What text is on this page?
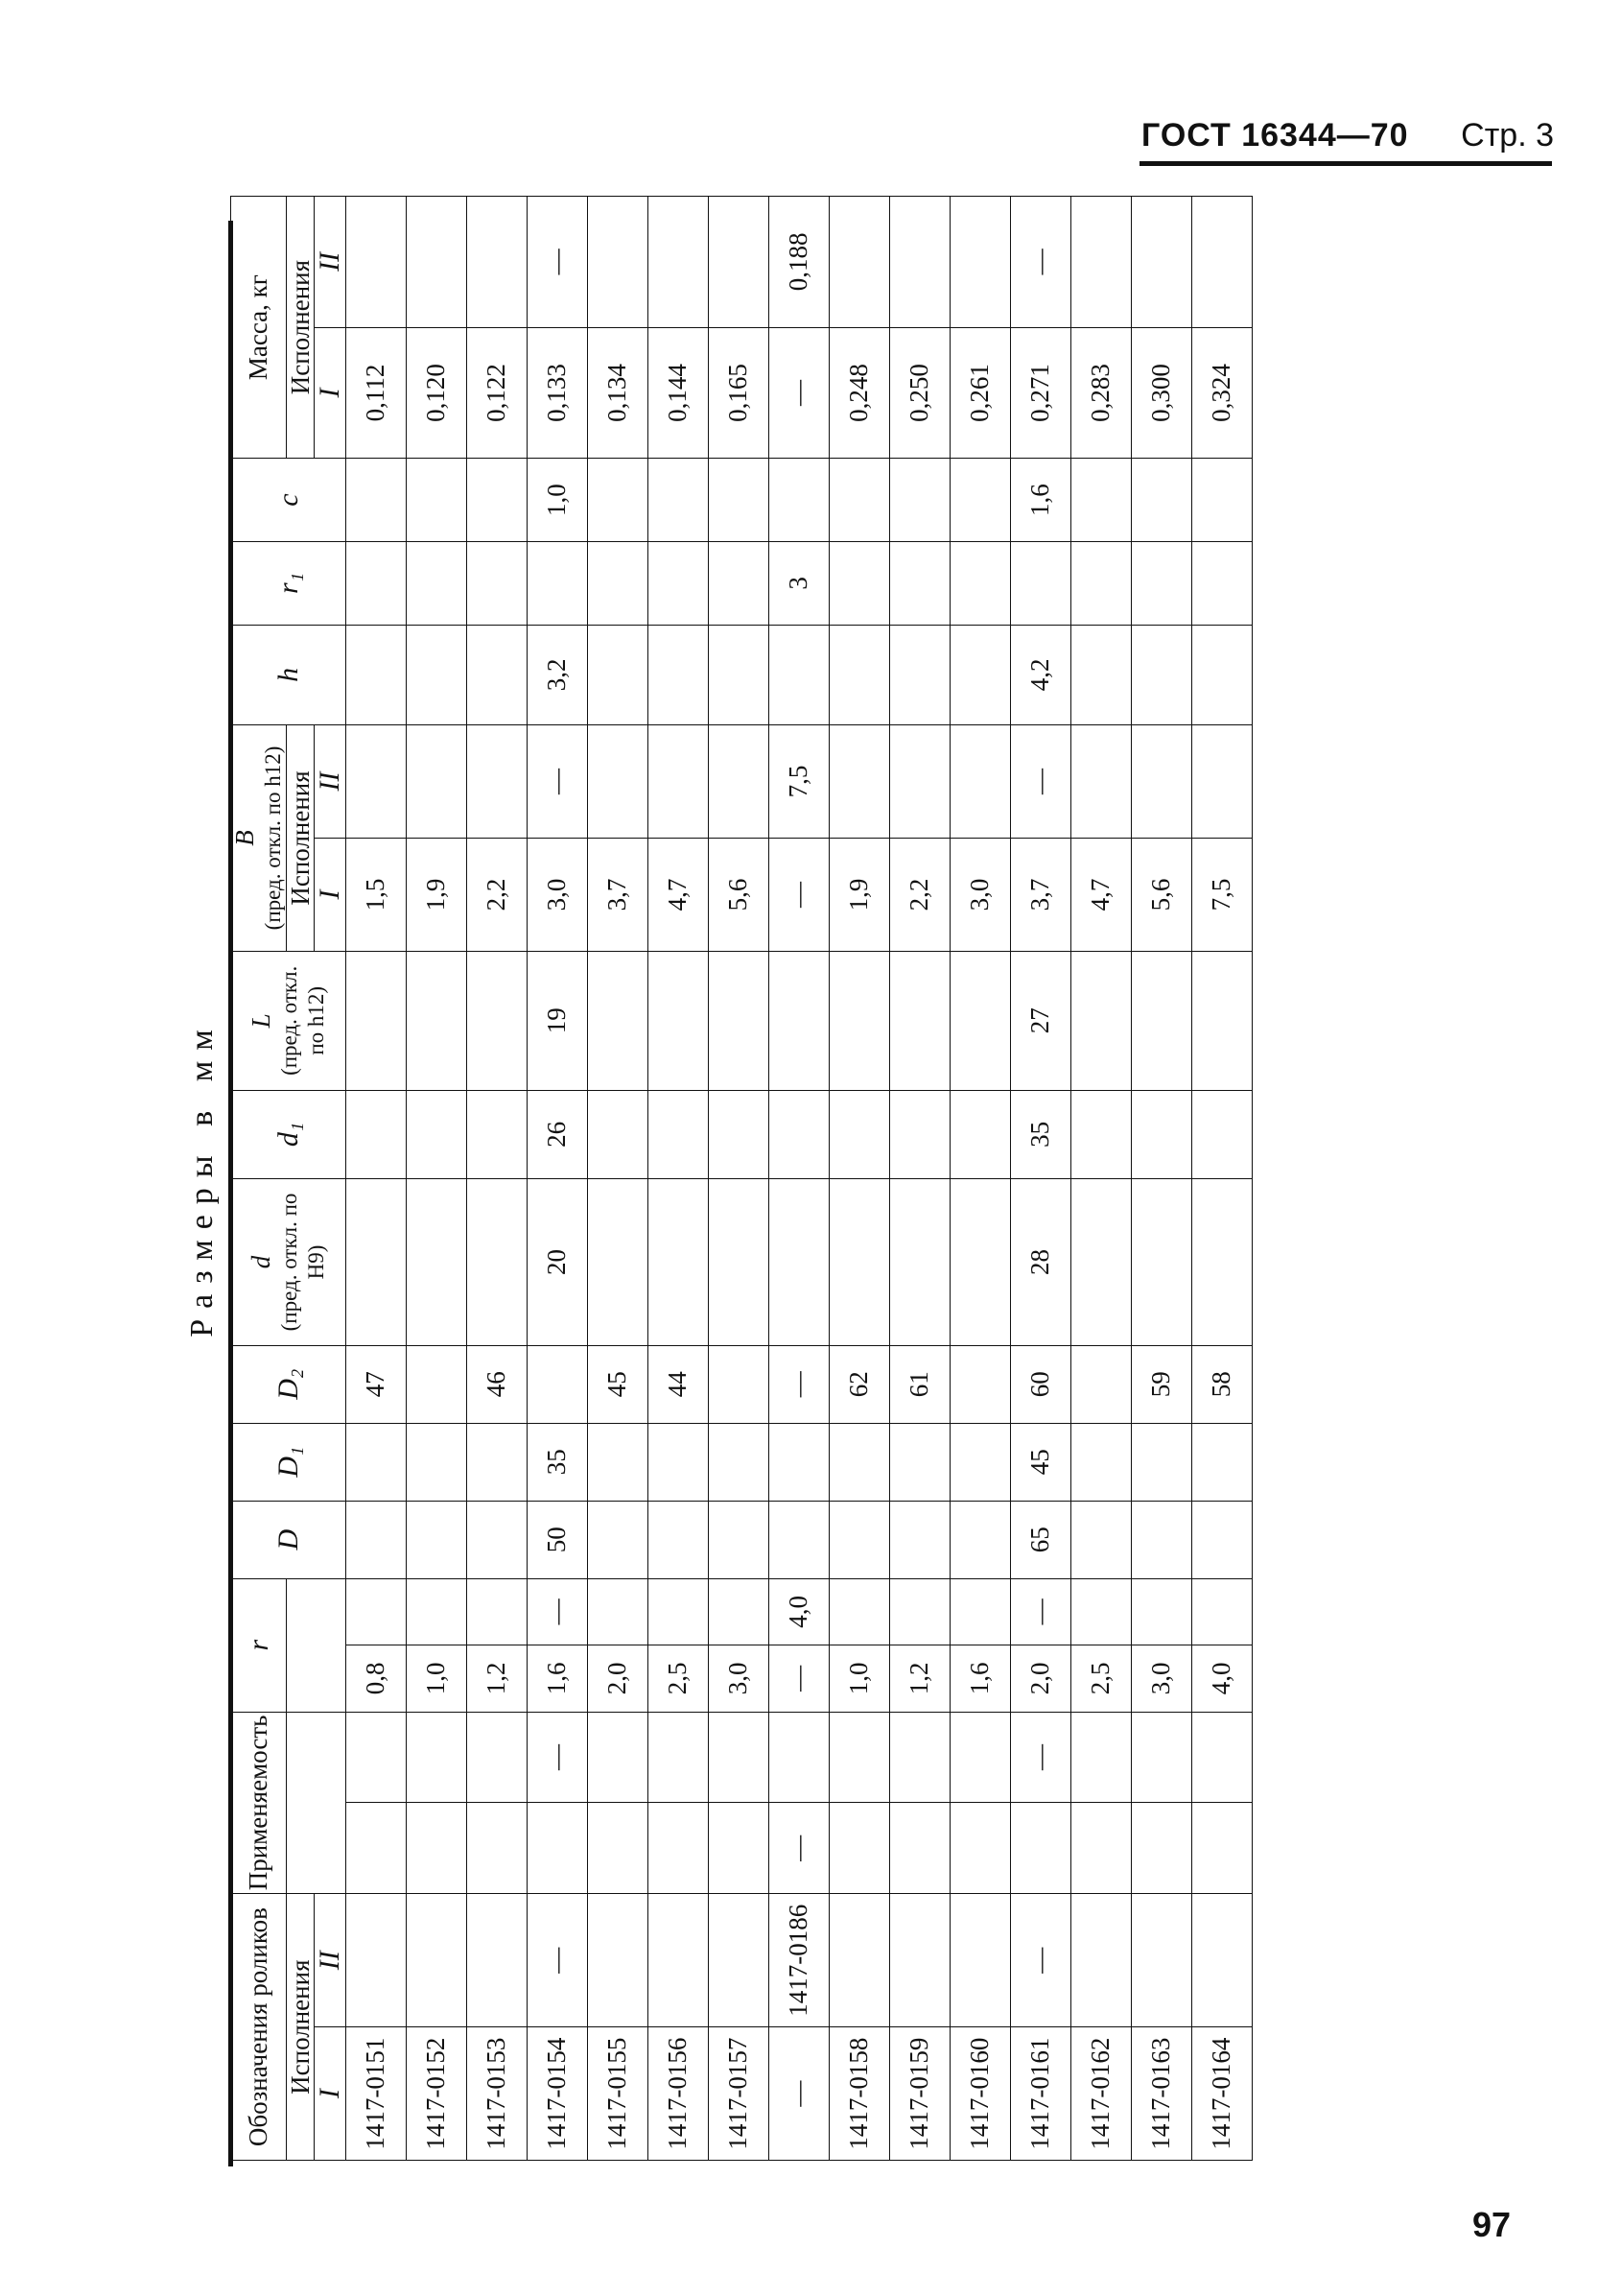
ГОСТ 16344—70 Стр. 3
Размеры в мм
Обозначения роликов		Применяемость		r		D	D₁	D₂	d (пред. откл. по H9)	d₁	L (пред. откл. по h12)	B (пред. откл. по h12)		h	r₁	c	Масса, кг	
Исполнения												Исполнения					Исполнения	
I	II											I	II				I	II
1417-0151				0,8				47				1,5					0,112	
1417-0152				1,0								1,9					0,120	
1417-0153				1,2				46				2,2					0,122	
1417-0154	—		—	1,6	—	50	35		20	26	19	3,0	—	3,2		1,0	0,133	—
1417-0155				2,0				45				3,7					0,134	
1417-0156				2,5				44				4,7					0,144	
1417-0157				3,0								5,6					0,165	
—	1417-0186	—		—	4,0			—				—	7,5		3		—	0,188
1417-0158				1,0				62				1,9					0,248	
1417-0159				1,2				61				2,2					0,250	
1417-0160				1,6								3,0					0,261	
1417-0161	—		—	2,0	—	65	45	60	28	35	27	3,7	—	4,2		1,6	0,271	—
1417-0162				2,5								4,7					0,283	
1417-0163				3,0				59				5,6					0,300	
1417-0164				4,0				58				7,5					0,324	
97
